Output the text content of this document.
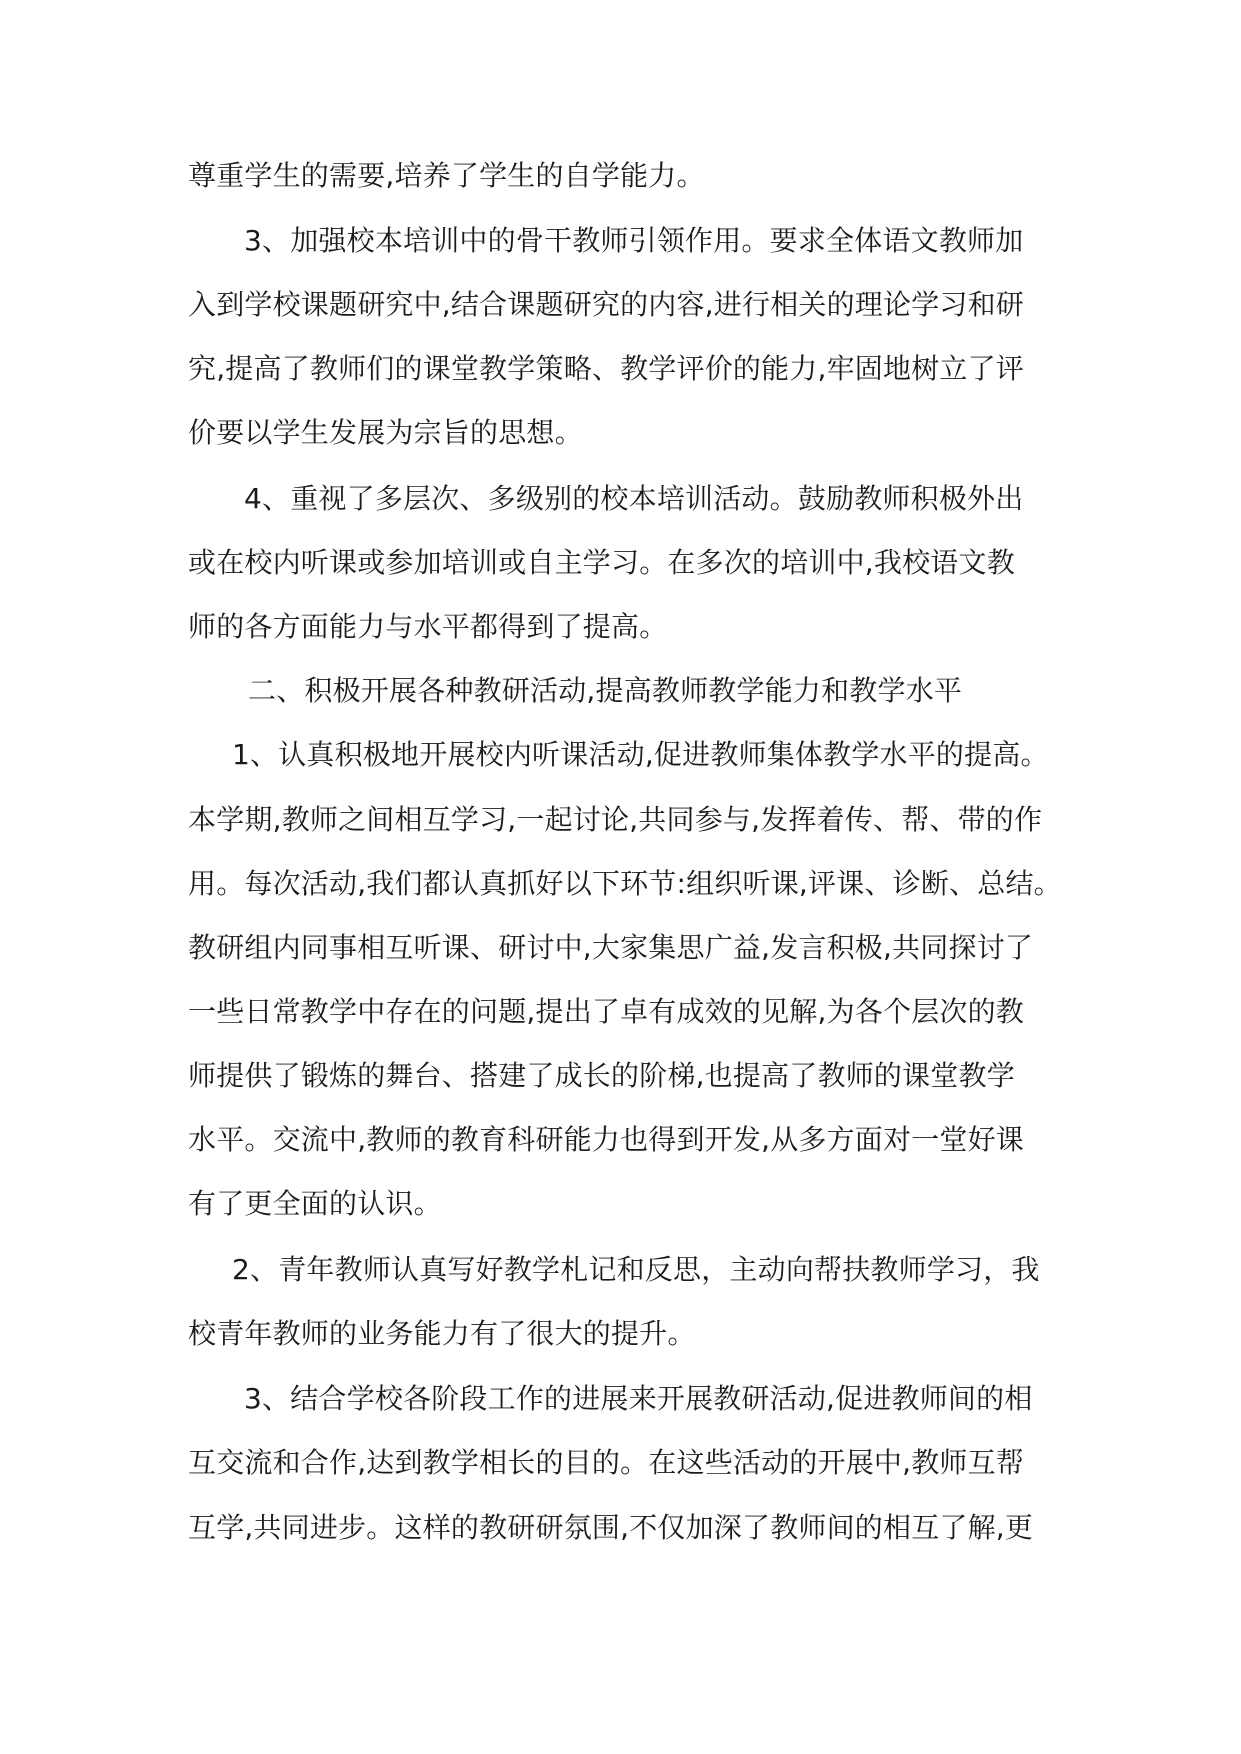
尊重学生的需要,培养了学生的自学能力。
3、加强校本培训中的骨干教师引领作用。要求全体语文教师加
入到学校课题研究中,结合课题研究的内容,进行相关的理论学习和研
究,提高了教师们的课堂教学策略、教学评价的能力,牢固地树立了评
价要以学生发展为宗旨的思想。
4、重视了多层次、多级别的校本培训活动。鼓励教师积极外出
或在校内听课或参加培训或自主学习。在多次的培训中,我校语文教
师的各方面能力与水平都得到了提高。
二、积极开展各种教研活动,提高教师教学能力和教学水平
1、认真积极地开展校内听课活动,促进教师集体教学水平的提高。
本学期,教师之间相互学习,一起讨论,共同参与,发挥着传、帮、带的作
用。每次活动,我们都认真抓好以下环节:组织听课,评课、诊断、总结。
教研组内同事相互听课、研讨中,大家集思广益,发言积极,共同探讨了
一些日常教学中存在的问题,提出了卓有成效的见解,为各个层次的教
师提供了锻炼的舞台、搭建了成长的阶梯,也提高了教师的课堂教学
水平。交流中,教师的教育科研能力也得到开发,从多方面对一堂好课
有了更全面的认识。
2、青年教师认真写好教学札记和反思，主动向帮扶教师学习，我
校青年教师的业务能力有了很大的提升。
3、结合学校各阶段工作的进展来开展教研活动,促进教师间的相
互交流和合作,达到教学相长的目的。在这些活动的开展中,教师互帮
互学,共同进步。这样的教研研氛围,不仅加深了教师间的相互了解,更
